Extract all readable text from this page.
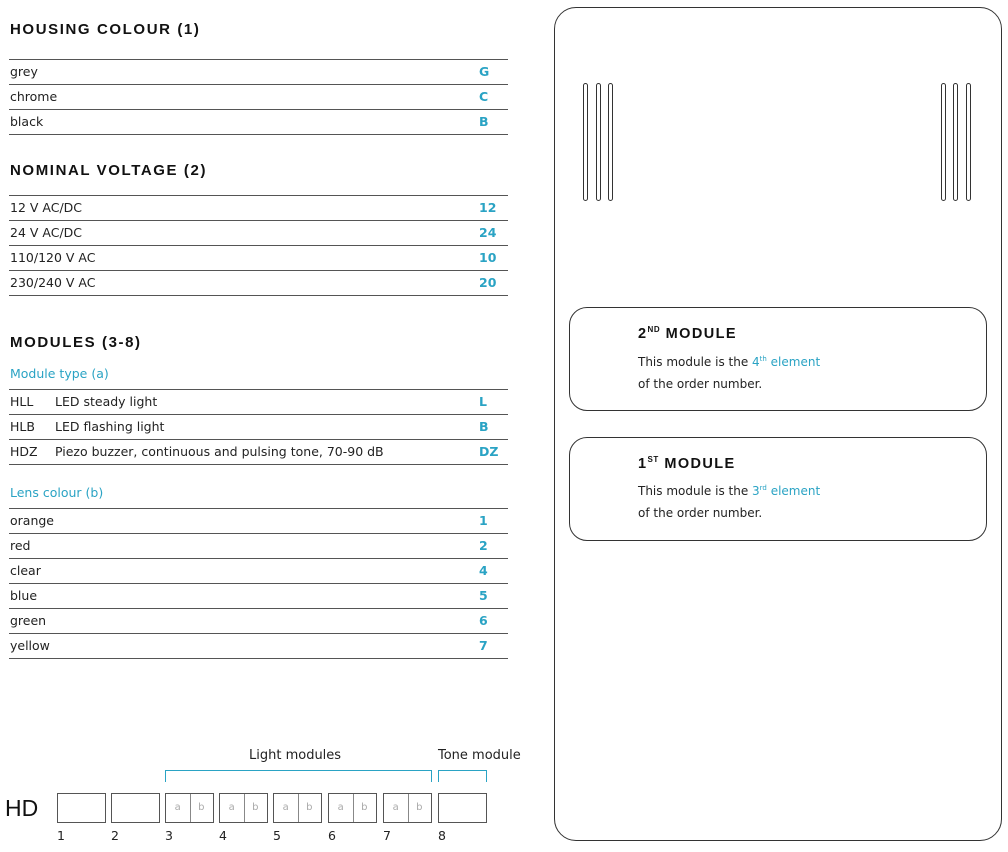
HOUSING COLOUR (1)
grey	G
chrome	C
black	B
NOMINAL VOLTAGE (2)
12 V AC/DC	12
24 V AC/DC	24
110/120 V AC	10
230/240 V AC	20
MODULES (3-8)
Module type (a)
HLL LED steady light	L
HLB LED flashing light	B
HDZ Piezo buzzer, continuous and pulsing tone, 70-90 dB	DZ
Lens colour (b)
orange	1
red	2
clear	4
blue	5
green	6
yellow	7
Light modules	Tone module
HD	a	b	a	b	a	b	a	b	a	b
1	2	3	4	5	6	7	8
2ND MODULE
This module is the 4th element
of the order number.
1ST MODULE
This module is the 3rd element
of the order number.
